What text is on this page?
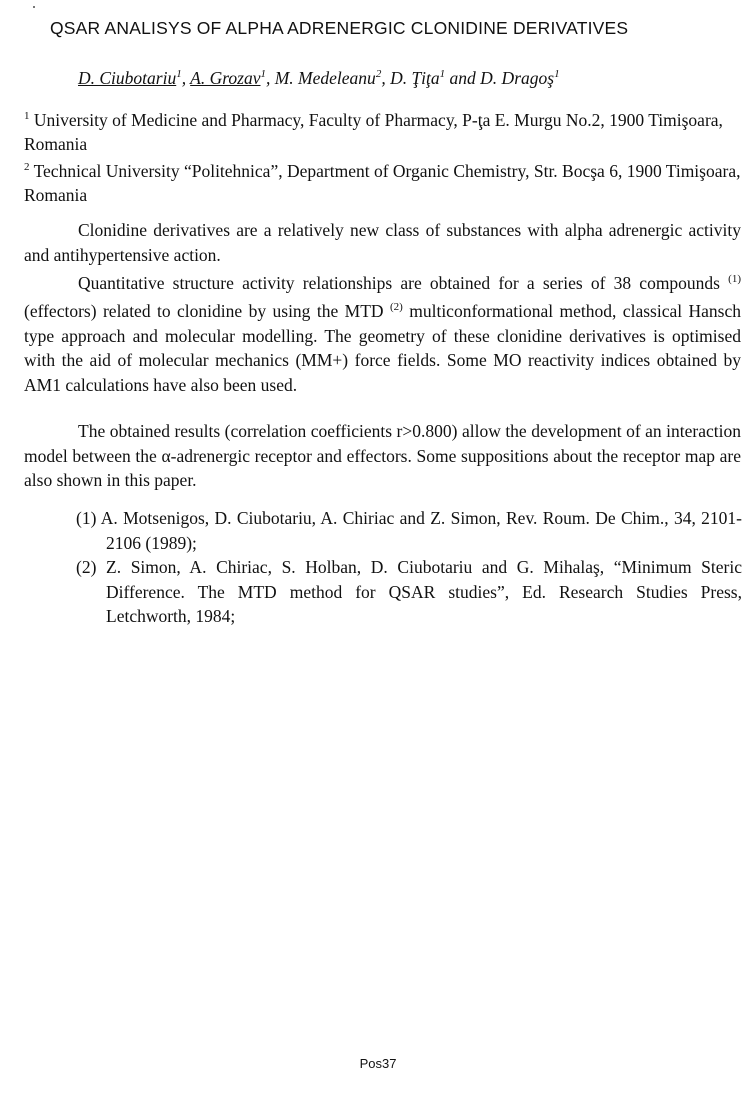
QSAR ANALISYS OF ALPHA ADRENERGIC CLONIDINE DERIVATIVES
D. Ciubotariu$^1$, A. Grozav$^1$, M. Medeleanu$^2$, D. Ţiţa$^1$ and D. Dragoş$^1$
$^1$ University of Medicine and Pharmacy, Faculty of Pharmacy, P-ţa E. Murgu No.2, 1900 Timişoara, Romania
$^2$ Technical University “Politehnica”, Department of Organic Chemistry, Str. Bocşa 6, 1900 Timişoara, Romania
Clonidine derivatives are a relatively new class of substances with alpha adrenergic activity and antihypertensive action.
Quantitative structure activity relationships are obtained for a series of 38 compounds $^{(1)}$ (effectors) related to clonidine by using the MTD $^{(2)}$ multiconformational method, classical Hansch type approach and molecular modelling. The geometry of these clonidine derivatives is optimised with the aid of molecular mechanics (MM+) force fields. Some MO reactivity indices obtained by AM1 calculations have also been used.
The obtained results (correlation coefficients r>0.800) allow the development of an interaction model between the α-adrenergic receptor and effectors. Some suppositions about the receptor map are also shown in this paper.

(1) A. Motsenigos, D. Ciubotariu, A. Chiriac and Z. Simon, Rev. Roum. De Chim., 34, 2101-2106 (1989);

(2) Z. Simon, A. Chiriac, S. Holban, D. Ciubotariu and G. Mihalaş, “Minimum Steric Difference. The MTD method for QSAR studies”, Ed. Research Studies Press, Letchworth, 1984;

Pos37
